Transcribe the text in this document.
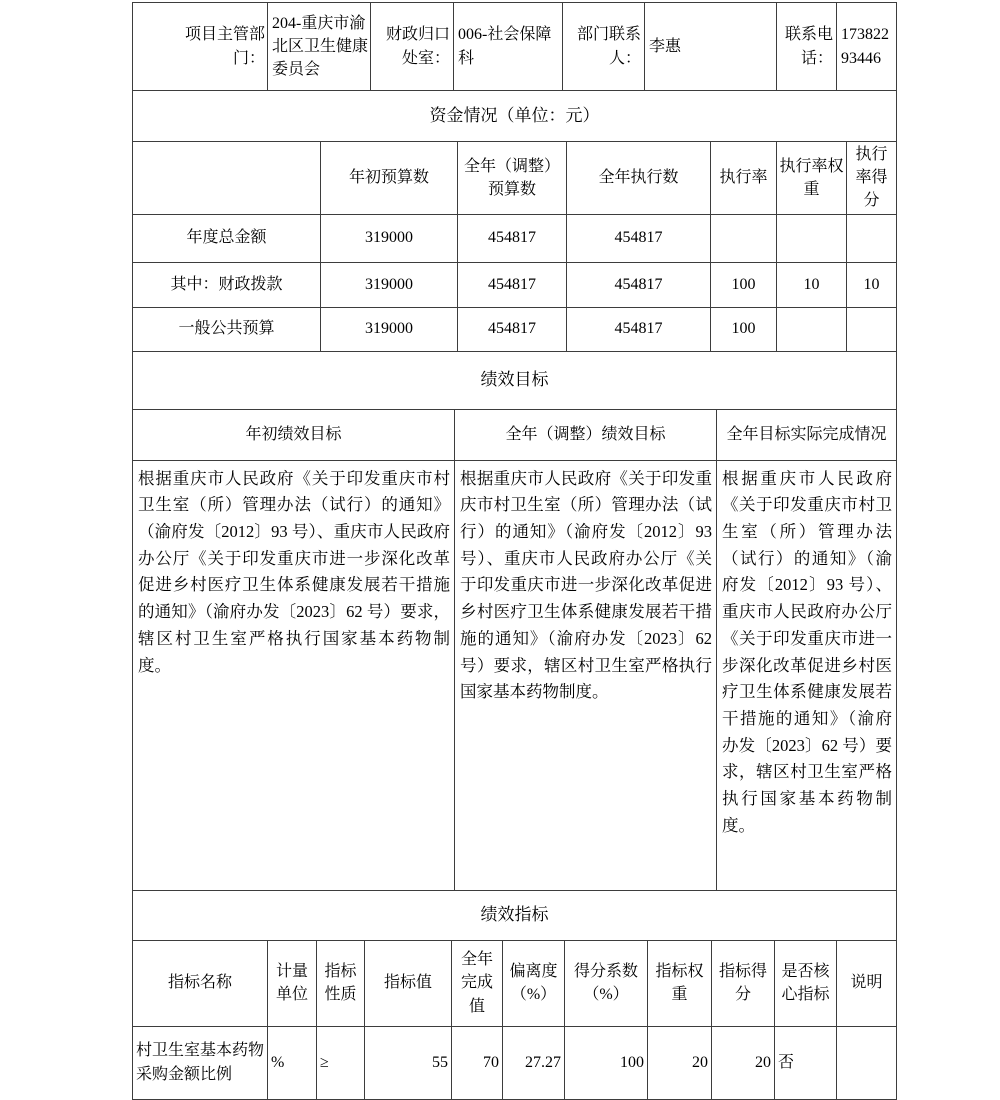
项目主管部门：	204-重庆市渝北区卫生健康委员会	财政归口处室：	006-社会保障科	部门联系人：	李惠	联系电话：	17382293446
资金情况（单位：元）						
	年初预算数	全年（调整）预算数	全年执行数	执行率	执行率权重	执行率得分
年度总金额	319000	454817	454817			
其中：财政拨款	319000	454817	454817	100	10	10
一般公共预算	319000	454817	454817	100		
绩效目标		
年初绩效目标	全年（调整）绩效目标	全年目标实际完成情况
根据重庆市人民政府《关于印发重庆市村卫生室（所）管理办法（试行）的通知》（渝府发〔2012〕93 号）、重庆市人民政府办公厅《关于印发重庆市进一步深化改革促进乡村医疗卫生体系健康发展若干措施的通知》（渝府办发〔2023〕62 号）要求，辖区村卫生室严格执行国家基本药物制度。	根据重庆市人民政府《关于印发重庆市村卫生室（所）管理办法（试行）的通知》（渝府发〔2012〕93 号）、重庆市人民政府办公厅《关于印发重庆市进一步深化改革促进乡村医疗卫生体系健康发展若干措施的通知》（渝府办发〔2023〕62 号）要求，辖区村卫生室严格执行国家基本药物制度。	根据重庆市人民政府《关于印发重庆市村卫生室（所）管理办法（试行）的通知》（渝府发〔2012〕93 号）、重庆市人民政府办公厅《关于印发重庆市进一步深化改革促进乡村医疗卫生体系健康发展若干措施的通知》（渝府办发〔2023〕62 号）要求，辖区村卫生室严格执行国家基本药物制度。
绩效指标										
指标名称	计量单位	指标性质	指标值	全年完成值	偏离度（%）	得分系数（%）	指标权重	指标得分	是否核心指标	说明
村卫生室基本药物采购金额比例	%	≥	55	70	27.27	100	20	20	否	
